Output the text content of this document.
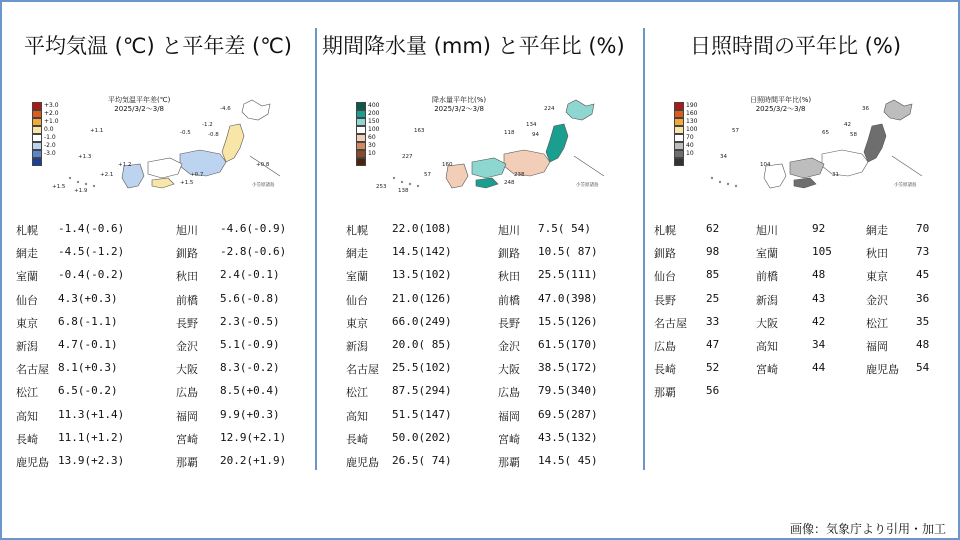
平均気温 (℃) と平年差 (℃) 期間降水量 (mm) と平年比 (%)	日照時間の平年比 (%)
+3.0
+2.0
+1.0
0.0
-1.0
-2.0
-3.0
平均気温平年差(℃)
2025/3/2～3/8	-4.6
-1.2
+1.1
+1.3
-0.5	-0.8
+1.2
+0.7
+1.5
+1.5
+2.1
+1.9
+0.8
小笠原諸島
400
200
150
100
60
30
10
降水量平年比(%)
2025/3/2～3/8	224
134
163
227
118	94
160
238
248
253
57
138
小笠原諸島
190
160
130
100
70
40
10
日照時間平年比(%)
2025/3/2～3/8	36
42
57
34
65	58
104
31
小笠原諸島
札幌 -1.4(-0.6)	旭川 -4.6(-0.9)
網走 -4.5(-1.2)	釧路 -2.8(-0.6)
室蘭 -0.4(-0.2)	秋田 2.4(-0.1)
仙台 4.3(+0.3)	前橋 5.6(-0.8)
東京 6.8(-1.1)	長野 2.3(-0.5)
新潟 4.7(-0.1)	金沢 5.1(-0.9)
名古屋 8.1(+0.3)	大阪 8.3(-0.2)
松江 6.5(-0.2)	広島 8.5(+0.4)
高知 11.3(+1.4)	福岡 9.9(+0.3)
長崎 11.1(+1.2)	宮崎 12.9(+2.1)
鹿児島 13.9(+2.3)	那覇 20.2(+1.9)
札幌 22.0(108)	旭川 7.5( 54)
網走 14.5(142)	釧路 10.5( 87)
室蘭 13.5(102)	秋田 25.5(111)
仙台 21.0(126)	前橋 47.0(398)
東京 66.0(249)	長野 15.5(126)
新潟 20.0( 85)	金沢 61.5(170)
名古屋 25.5(102)	大阪 38.5(172)
松江 87.5(294)	広島 79.5(340)
高知 51.5(147)	福岡 69.5(287)
長崎 50.0(202)	宮崎 43.5(132)
鹿児島 26.5( 74)	那覇 14.5( 45)
札幌	62	旭川	92	網走	70
釧路	98	室蘭	105	秋田	73
仙台	85	前橋	48	東京	45
長野	25	新潟	43	金沢	36
名古屋 33	大阪	42	松江	35
広島	47	高知	34	福岡	48
長崎	52	宮崎	44	鹿児島 54
那覇	56
画像：気象庁より引用・加工
